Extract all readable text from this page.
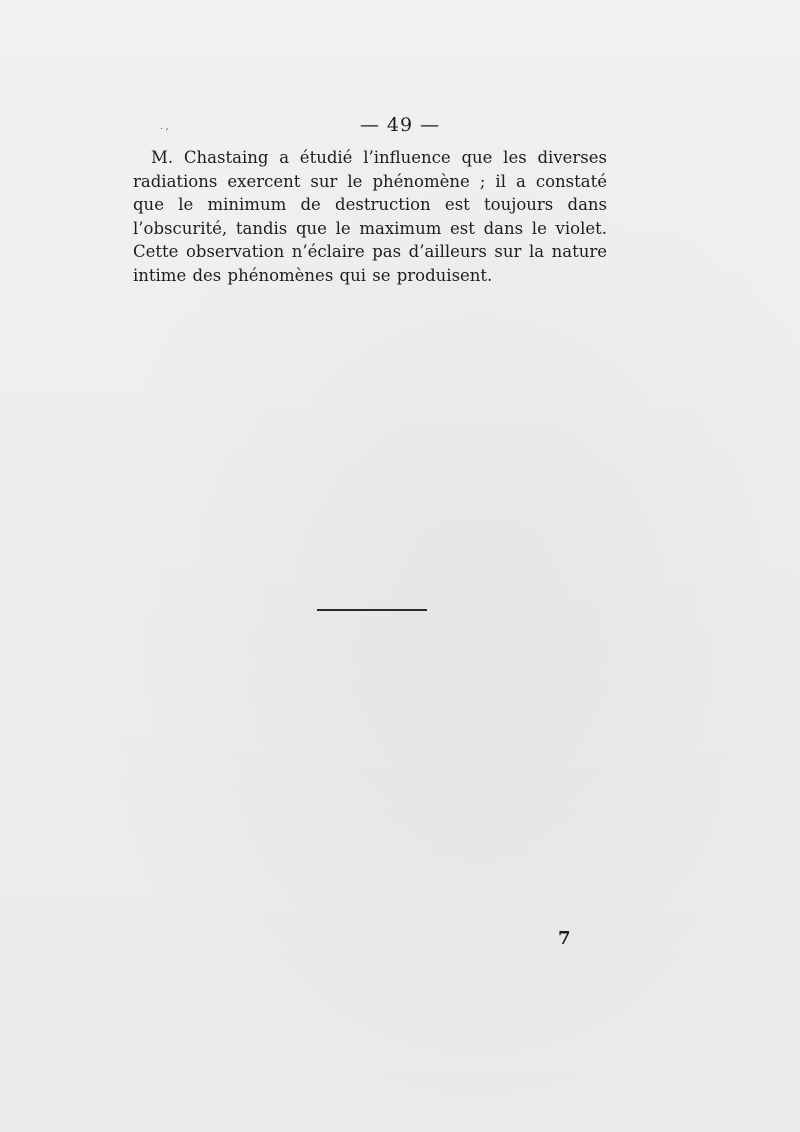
. ,	— 49 —

M. Chastaing a étudié l’influence que les diverses radiations exercent sur le phénomène ; il a constaté que le minimum de destruction est toujours dans l’obscurité, tandis que le maximum est dans le violet. Cette observation n’éclaire pas d’ailleurs sur la nature intime des phénomènes qui se produisent.

7
